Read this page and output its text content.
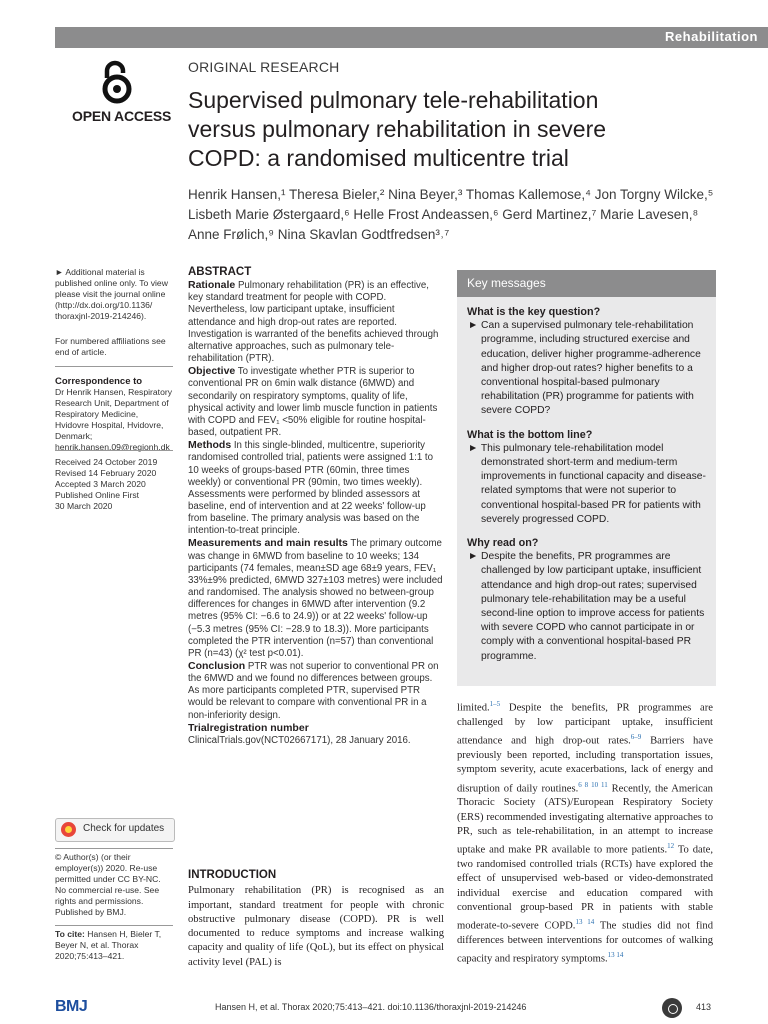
Rehabilitation
OPEN ACCESS
ORIGINAL RESEARCH
Supervised pulmonary tele-rehabilitation versus pulmonary rehabilitation in severe COPD: a randomised multicentre trial
Henrik Hansen,¹ Theresa Bieler,² Nina Beyer,³ Thomas Kallemose,⁴ Jon Torgny Wilcke,⁵
Lisbeth Marie Østergaard,⁶ Helle Frost Andeassen,⁶ Gerd Martinez,⁷ Marie Lavesen,⁸
Anne Frølich,⁹ Nina Skavlan Godtfredsen³˒⁷
► Additional material is published online only. To view please visit the journal online (http://dx.doi.org/10.1136/ thoraxjnl-2019-214246).
For numbered affiliations see end of article.
Correspondence to
Dr Henrik Hansen, Respiratory Research Unit, Department of Respiratory Medicine, Hvidovre Hospital, Hvidovre, Denmark; henrik.hansen.09@regionh.dk
Received 24 October 2019
Revised 14 February 2020
Accepted 3 March 2020
Published Online First
30 March 2020
Check for updates
© Author(s) (or their employer(s)) 2020. Re-use permitted under CC BY-NC. No commercial re-use. See rights and permissions. Published by BMJ.
To cite: Hansen H, Bieler T, Beyer N, et al. Thorax 2020;75:413–421.
ABSTRACT

Rationale Pulmonary rehabilitation (PR) is an effective, key standard treatment for people with COPD. Nevertheless, low participant uptake, insufficient attendance and high drop-out rates are reported. Investigation is warranted of the benefits achieved through alternative approaches, such as pulmonary tele-rehabilitation (PTR).

Objective To investigate whether PTR is superior to conventional PR on 6min walk distance (6MWD) and secondarily on respiratory symptoms, quality of life, physical activity and lower limb muscle function in patients with COPD and FEV₁ <50% eligible for routine hospital-based, outpatient PR.

Methods In this single-blinded, multicentre, superiority randomised controlled trial, patients were assigned 1:1 to 10 weeks of groups-based PTR (60min, three times weekly) or conventional PR (90min, two times weekly). Assessments were performed by blinded assessors at baseline, end of intervention and at 22 weeks' follow-up from baseline. The primary analysis was based on the intention-to-treat principle.

Measurements and main results The primary outcome was change in 6MWD from baseline to 10 weeks; 134 participants (74 females, mean±SD age 68±9 years, FEV₁ 33%±9% predicted, 6MWD 327±103 metres) were included and randomised. The analysis showed no between-group differences for changes in 6MWD after intervention (9.2 metres (95% CI: −6.6 to 24.9)) or at 22 weeks' follow-up (−5.3 metres (95% CI: −28.9 to 18.3)). More participants completed the PTR intervention (n=57) than conventional PR (n=43) (χ² test p<0.01).

Conclusion PTR was not superior to conventional PR on the 6MWD and we found no differences between groups. As more participants completed PTR, supervised PTR would be relevant to compare with conventional PR in a non-inferiority design.

Trialregistration number
ClinicalTrials.gov(NCT02667171), 28 January 2016.

INTRODUCTION

Pulmonary rehabilitation (PR) is recognised as an important, standard treatment for people with chronic obstructive pulmonary disease (COPD). PR is well documented to reduce symptoms and increase walking capacity and quality of life (QoL), but its effect on physical activity level (PAL) is

Key messages
What is the key question?

► Can a supervised pulmonary tele-rehabilitation programme, including structured exercise and education, deliver higher programme-adherence and higher drop-out rates? higher benefits to a conventional hospital-based pulmonary rehabilitation (PR) programme for patients with severe COPD?

What is the bottom line?

► This pulmonary tele-rehabilitation model demonstrated short-term and medium-term improvements in functional capacity and disease-related symptoms that were not superior to conventional hospital-based PR for patients with severely progressed COPD.

Why read on?

► Despite the benefits, PR programmes are challenged by low participant uptake, insufficient attendance and high drop-out rates; supervised pulmonary tele-rehabilitation may be a useful second-line option to improve access for patients with severe COPD who cannot participate in or comply with a conventional hospital-based PR programme.

limited.$^{1-5}$ Despite the benefits, PR programmes are challenged by low participant uptake, insufficient attendance and high drop-out rates.$^{6-9}$ Barriers have previously been reported, including transportation issues, symptom severity, acute exacerbations, lack of energy and disruption of daily routines.$^{6 8 10 11}$ Recently, the American Thoracic Society (ATS)/European Respiratory Society (ERS) recommended investigating alternative approaches to PR, such as tele-rehabilitation, in an attempt to increase uptake and make PR available to more patients.$^{12}$ To date, two randomised controlled trials (RCTs) have explored the effect of unsupervised web-based or video-demonstrated individual exercise and education compared with conventional group-based PR in patients with stable moderate-to-severe COPD.$^{13 14}$ The studies did not find differences between interventions for outcomes of walking capacity and respiratory symptoms.$^{13 14}$

BMJ	Hansen H, et al. Thorax 2020;75:413–421. doi:10.1136/thoraxjnl-2019-214246	413
